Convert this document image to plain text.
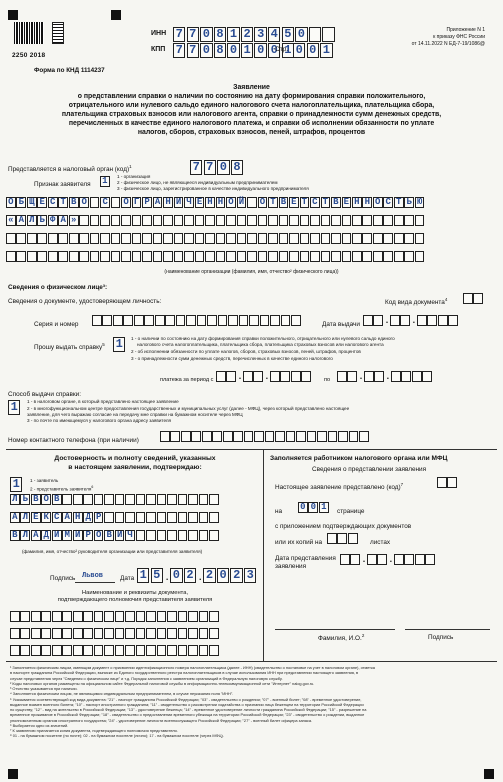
2250 2018
ИНН 7 7 0 8 1 2 3 4 5 0
КПП 7 7 0 8 0 1 0 0 1
Стр. 0 0 1
Приложение N 1
к приказу ФНС России
от 14.11.2022 N ЕД-7-19/1086@
Форма по КНД 1114237
Заявление
о представлении справки о наличии по состоянию на дату формирования справки положительного,
отрицательного или нулевого сальдо единого налогового счета налогоплательщика, плательщика сбора,
плательщика страховых взносов или налогового агента, справки о принадлежности сумм денежных средств,
перечисленных в качестве единого налогового платежа, и справки об исполнении обязанности по уплате
налогов, сборов, страховых взносов, пеней, штрафов, процентов
Представляется в налоговый орган (код)$^1$	7 7 0 8
Признак заявителя 1	1 - организация
2 - физическое лицо, не являющееся индивидуальным предпринимателем
3 - физическое лицо, зарегистрированное в качестве индивидуального предпринимателя
О Б Щ Е С Т В О С О Г Р А Н И Ч Е Н Н О Й О Т В Е Т С Т В Е Н Н О С Т Ь Ю
« А Л Ь Ф А »
(наименование организации (фамилия, имя, отчество² физического лица))
Сведения о физическом лице³:
Сведения о документе, удостоверяющем личность:	Код вида документа$^4$
Серия и номер	Дата выдачи	.	.
Прошу выдать справку$^5$ 1	1 - о наличии по состоянию на дату формирования справки положительного, отрицательного или нулевого сальдо единого
налогового счета налогоплательщика, плательщика сбора, плательщика страховых взносов или налогового агента
2 - об исполнении обязанности по уплате налогов, сборов, страховых взносов, пеней, штрафов, процентов
3 - о принадлежности сумм денежных средств, перечисленных в качестве единого налогового
платежа за период с	.	.	по	.	.
Способ выдачи справки:
1	1 - в налоговом органе, в который представлено настоящее заявление
2 - в многофункциональном центре предоставления государственных и муниципальных услуг (далее - МФЦ), через который представлено настоящее
заявление, для чего выражаю согласие на передачу мне справки на бумажном носителе через МФЦ
3 - по почте по имеющемуся у налогового органа адресу заявителя
Номер контактного телефона (при наличии)
Достоверность и полноту сведений, указанных
в настоящем заявлении, подтверждаю:
1	1 - заявитель
2 - представитель заявителя$^6$
Л Ь В О В
А Л Е К С А Н Д Р
В Л А Д И М И Р О В И Ч
(фамилия, имя, отчество² руководителя организации или представителя заявителя)
Подпись Львов	Дата 1 5 . 0 2 . 2 0 2 3
Наименование и реквизиты документа,
подтверждающего полномочия представителя заявителя
Заполняется работником налогового органа или МФЦ
Сведения о представлении заявления
Настоящее заявление представлено (код)$^7$
на 0 0 1	странице
с приложением подтверждающих документов
или их копий на	листах
Дата представления
заявления
.	.
Фамилия, И.О.$^2$	Подпись
¹ Заполняется физическим лицом, имеющим документ о присвоении идентификационного номера налогоплательщика (далее - ИНН) (свидетельство о постановке на учет в налоговом органе), отметка
в паспорте гражданина Российской Федерации, выписке из Единого государственного реестра налогоплательщиков в случае использования ИНН при представлении настоящего заявления, в
случае представления через "Сведения о физическом лице" и т.д. Порядок заполнения с заявлением организаций в Федеральную налоговую службу.
² Коды налоговых органов размещены на официальном сайте Федеральной налоговой службы в информационно-телекоммуникационной сети "Интернет" nalog.gov.ru.
³ Отчество указывается при наличии.
⁴ Заполняется физическим лицом, не являющимся индивидуальным предпринимателем, в случае неуказания поля "ИНН".
⁵ Указывается соответствующий код вида документа: "21" - паспорт гражданина Российской Федерации; "03" - свидетельство о рождении; "07" - военный билет; "08" - временное удостоверение,
выданное взамен военного билета; "10" - паспорт иностранного гражданина; "11" - свидетельство о рассмотрении ходатайства о признании лица беженцем на территории Российской Федерации
по существу; "12" - вид на жительство в Российской Федерации; "13" - удостоверение беженца; "14" - временное удостоверение личности гражданина Российской Федерации; "15" - разрешение на
временное проживание в Российской Федерации; "18" - свидетельство о предоставлении временного убежища на территории Российской Федерации; "23" - свидетельство о рождении, выданное
уполномоченным органом иностранного государства; "24" - удостоверение личности военнослужащего Российской Федерации; "27" - военный билет офицера запаса.
⁶ Выбирается одно из значений.
⁷ К заявлению прилагается копия документа, подтверждающего полномочия представителя.
⁸ 01 - на бумажном носителе (по почте); 02 - на бумажном носителе (лично); 17 - на бумажном носителе (через МФЦ).
